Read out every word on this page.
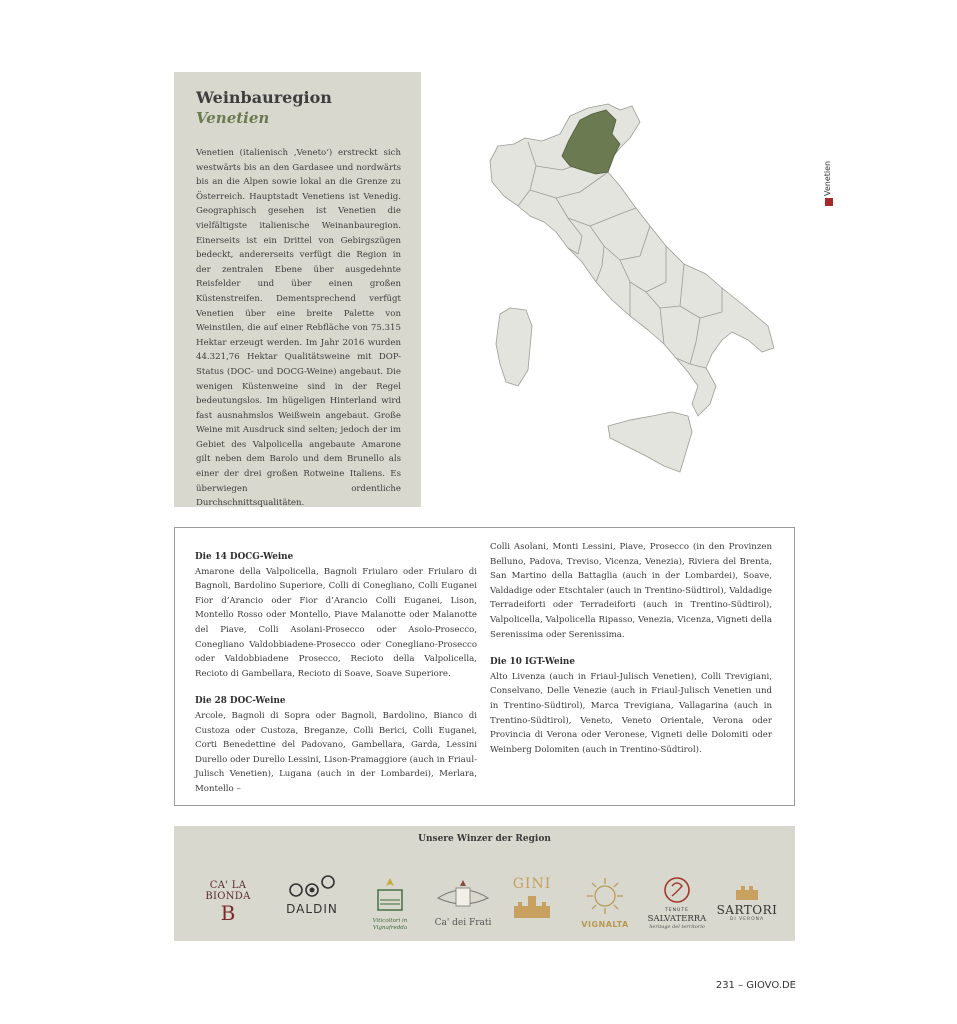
Weinbauregion
Venetien

Venetien (italienisch ‚Veneto‘) erstreckt sich westwärts bis an den Gardasee und nordwärts bis an die Alpen sowie lokal an die Grenze zu Österreich. Hauptstadt Venetiens ist Venedig. Geographisch gesehen ist Venetien die vielfältigste italienische Weinanbauregion. Einerseits ist ein Drittel von Gebirgszügen bedeckt, andererseits verfügt die Region in der zentralen Ebene über ausgedehnte Reisfelder und über einen großen Küstenstreifen. Dementsprechend verfügt Venetien über eine breite Palette von Weinstilen, die auf einer Rebfläche von 75.315 Hektar erzeugt werden. Im Jahr 2016 wurden 44.321,76 Hektar Qualitätsweine mit DOP-Status (DOC- und DOCG-Weine) angebaut. Die wenigen Küstenweine sind in der Regel bedeutungslos. Im hügeligen Hinterland wird fast ausnahmslos Weißwein angebaut. Große Weine mit Ausdruck sind selten; jedoch der im Gebiet des Valpolicella angebaute Amarone gilt neben dem Barolo und dem Brunello als einer der drei großen Rotweine Italiens. Es überwiegen ordentliche Durchschnittsqualitäten.

Venetien
Die 14 DOCG-Weine

Amarone della Valpolicella, Bagnoli Friularo oder Friularo di Bagnoli, Bardolino Superiore, Colli di Conegliano, Colli Euganei Fior d’Arancio oder Fior d’Arancio Colli Euganei, Lison, Montello Rosso oder Montello, Piave Malanotte oder Malanotte del Piave, Colli Asolani-Prosecco oder Asolo-Prosecco, Conegliano Valdobbiadene-Prosecco oder Conegliano-Prosecco oder Valdobbiadene Prosecco, Recioto della Valpolicella, Recioto di Gambellara, Recioto di Soave, Soave Superiore.

Die 28 DOC-Weine

Arcole, Bagnoli di Sopra oder Bagnoli, Bardolino, Bianco di Custoza oder Custoza, Breganze, Colli Berici, Colli Euganei, Corti Benedettine del Padovano, Gambellara, Garda, Lessini Durello oder Durello Lessini, Lison-Pramaggiore (auch in Friaul-Julisch Venetien), Lugana (auch in der Lombardei), Merlara, Montello –

Colli Asolani, Monti Lessini, Piave, Prosecco (in den Provinzen Belluno, Padova, Treviso, Vicenza, Venezia), Riviera del Brenta, San Martino della Battaglia (auch in der Lombardei), Soave, Valdadige oder Etschtaler (auch in Trentino-Südtirol), Valdadige Terradeiforti oder Terradeiforti (auch in Trentino-Südtirol), Valpolicella, Valpolicella Ripasso, Venezia, Vicenza, Vigneti della Serenissima oder Serenissima.

Die 10 IGT-Weine

Alto Livenza (auch in Friaul-Julisch Venetien), Colli Trevigiani, Conselvano, Delle Venezie (auch in Friaul-Julisch Venetien und in Trentino-Südtirol), Marca Trevigiana, Vallagarina (auch in Trentino-Südtirol), Veneto, Veneto Orientale, Verona oder Provincia di Verona oder Veronese, Vigneti delle Dolomiti oder Weinberg Dolomiten (auch in Trentino-Südtirol).

Unsere Winzer der Region
CA' LA BIONDA
B	DALDIN
Viticoltori in Vignafredda	Ca' dei Frati
GINI
VIGNALTA
TENUTE
SALVATERRA
heritage del territorio
SARTORI
DI VERONA
231 – GIOVO.DE
